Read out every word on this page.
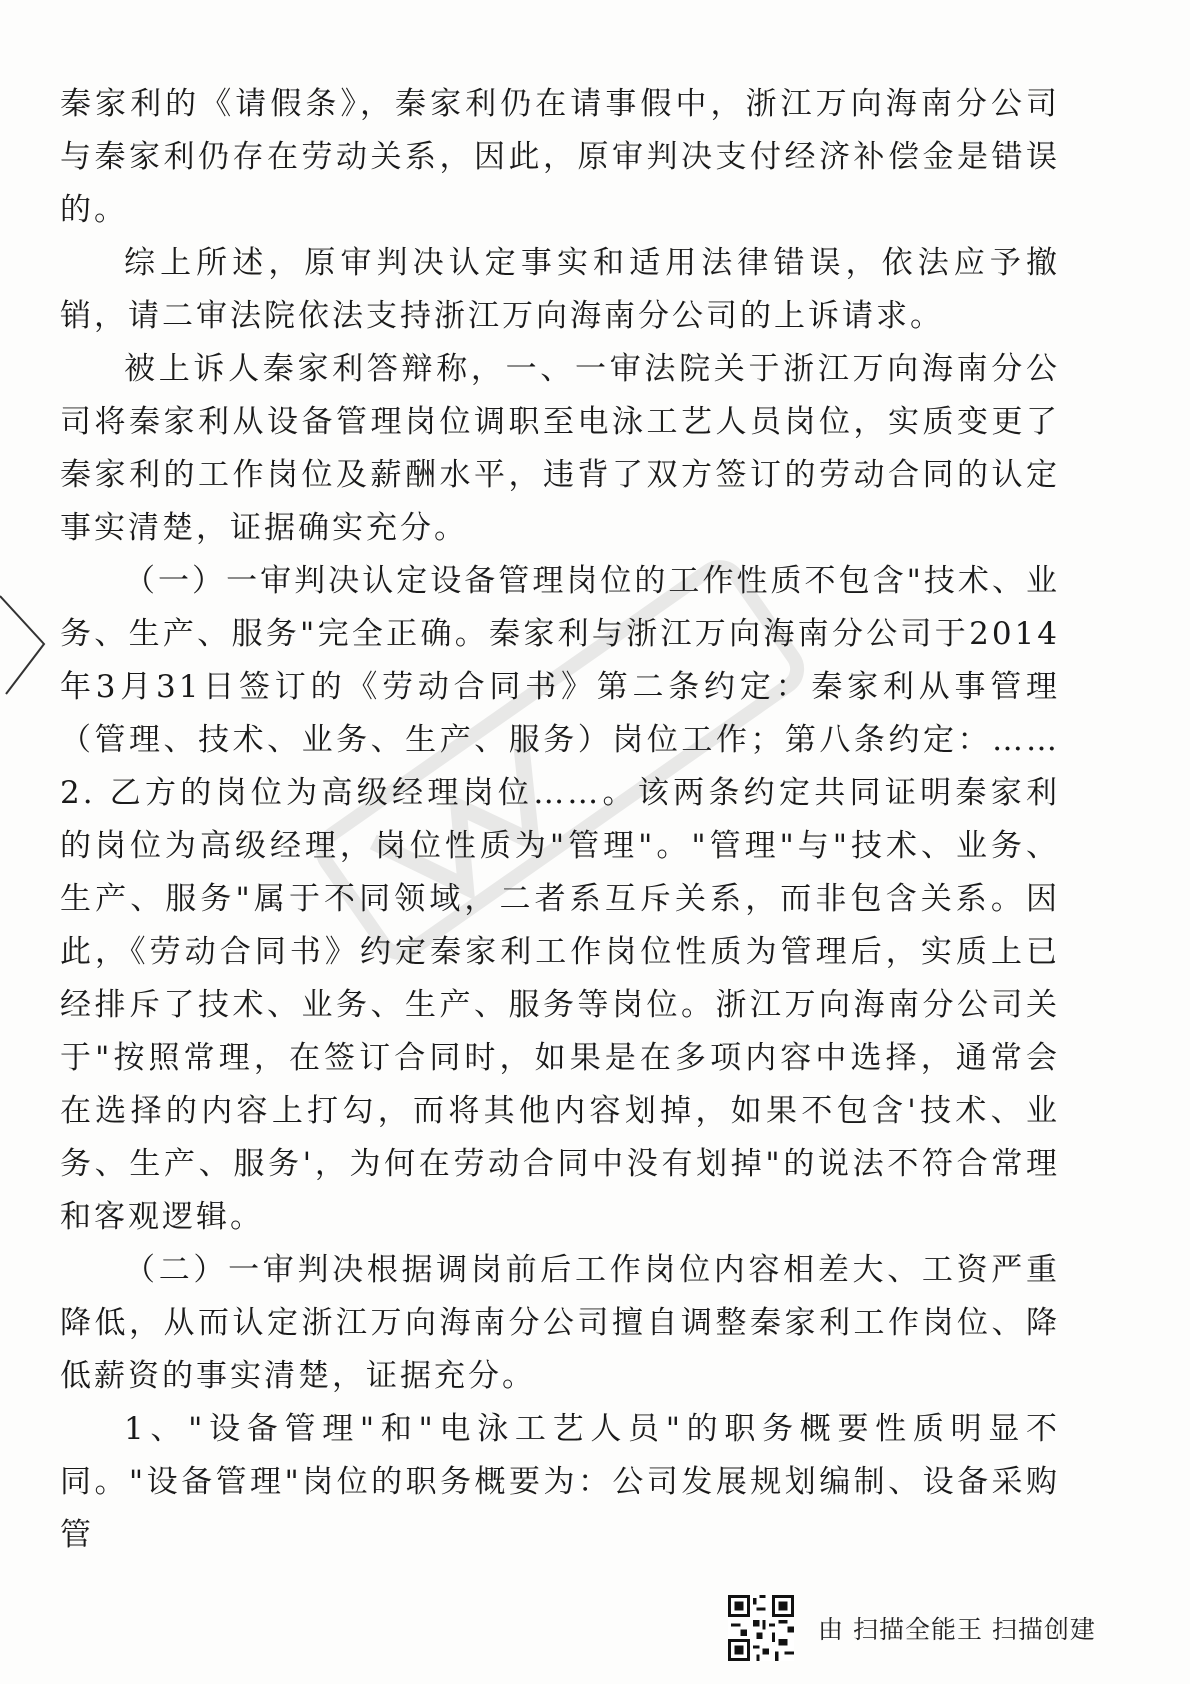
秦家利的《请假条》，秦家利仍在请事假中，浙江万向海南分公司与秦家利仍存在劳动关系，因此，原审判决支付经济补偿金是错误的。

综上所述，原审判决认定事实和适用法律错误，依法应予撤销，请二审法院依法支持浙江万向海南分公司的上诉请求。

被上诉人秦家利答辩称，一、一审法院关于浙江万向海南分公司将秦家利从设备管理岗位调职至电泳工艺人员岗位，实质变更了秦家利的工作岗位及薪酬水平，违背了双方签订的劳动合同的认定事实清楚，证据确实充分。

（一）一审判决认定设备管理岗位的工作性质不包含"技术、业务、生产、服务"完全正确。秦家利与浙江万向海南分公司于2014年3月31日签订的《劳动合同书》第二条约定：秦家利从事管理（管理、技术、业务、生产、服务）岗位工作；第八条约定：……2. 乙方的岗位为高级经理岗位……。该两条约定共同证明秦家利的岗位为高级经理，岗位性质为"管理"。"管理"与"技术、业务、生产、服务"属于不同领域，二者系互斥关系，而非包含关系。因此，《劳动合同书》约定秦家利工作岗位性质为管理后，实质上已经排斥了技术、业务、生产、服务等岗位。浙江万向海南分公司关于"按照常理，在签订合同时，如果是在多项内容中选择，通常会在选择的内容上打勾，而将其他内容划掉，如果不包含'技术、业务、生产、服务'，为何在劳动合同中没有划掉"的说法不符合常理和客观逻辑。

（二）一审判决根据调岗前后工作岗位内容相差大、工资严重降低，从而认定浙江万向海南分公司擅自调整秦家利工作岗位、降低薪资的事实清楚，证据充分。

1、"设备管理"和"电泳工艺人员"的职务概要性质明显不同。"设备管理"岗位的职务概要为：公司发展规划编制、设备采购管

由 扫描全能王 扫描创建
